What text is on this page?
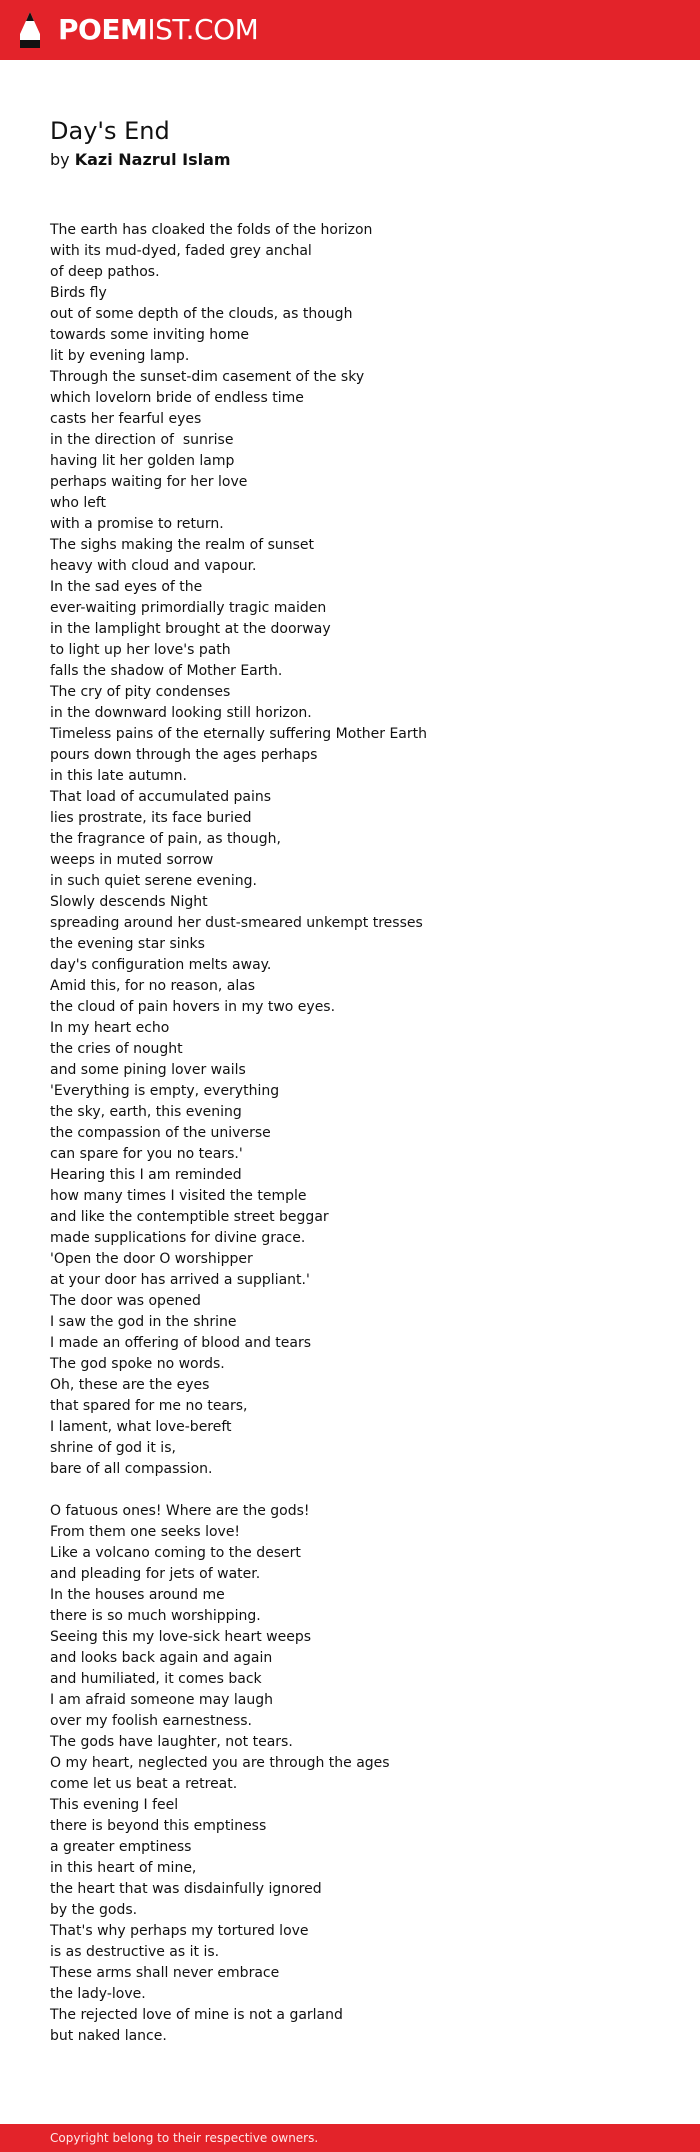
POEMIST.COM
Day's End
by Kazi Nazrul Islam
The earth has cloaked the folds of the horizon
with its mud-dyed, faded grey anchal
of deep pathos.
Birds fly
out of some depth of the clouds, as though
towards some inviting home
lit by evening lamp.
Through the sunset-dim casement of the sky
which lovelorn bride of endless time
casts her fearful eyes
in the direction of  sunrise
having lit her golden lamp
perhaps waiting for her love
who left
with a promise to return.
The sighs making the realm of sunset
heavy with cloud and vapour.
In the sad eyes of the
ever-waiting primordially tragic maiden
in the lamplight brought at the doorway
to light up her love's path
falls the shadow of Mother Earth.
The cry of pity condenses
in the downward looking still horizon.
Timeless pains of the eternally suffering Mother Earth
pours down through the ages perhaps
in this late autumn.
That load of accumulated pains
lies prostrate, its face buried
the fragrance of pain, as though,
weeps in muted sorrow
in such quiet serene evening.
Slowly descends Night
spreading around her dust-smeared unkempt tresses
the evening star sinks
day's configuration melts away.
Amid this, for no reason, alas
the cloud of pain hovers in my two eyes.
In my heart echo
the cries of nought
and some pining lover wails
'Everything is empty, everything
the sky, earth, this evening
the compassion of the universe
can spare for you no tears.'
Hearing this I am reminded
how many times I visited the temple
and like the contemptible street beggar
made supplications for divine grace.
'Open the door O worshipper
at your door has arrived a suppliant.'
The door was opened
I saw the god in the shrine
I made an offering of blood and tears
The god spoke no words.
Oh, these are the eyes
that spared for me no tears,
I lament, what love-bereft
shrine of god it is,
bare of all compassion.
O fatuous ones! Where are the gods!
From them one seeks love!
Like a volcano coming to the desert
and pleading for jets of water.
In the houses around me
there is so much worshipping.
Seeing this my love-sick heart weeps
and looks back again and again
and humiliated, it comes back
I am afraid someone may laugh
over my foolish earnestness.
The gods have laughter, not tears.
O my heart, neglected you are through the ages
come let us beat a retreat.
This evening I feel
there is beyond this emptiness
a greater emptiness
in this heart of mine,
the heart that was disdainfully ignored
by the gods.
That's why perhaps my tortured love
is as destructive as it is.
These arms shall never embrace
the lady-love.
The rejected love of mine is not a garland
but naked lance.
Copyright belong to their respective owners.
